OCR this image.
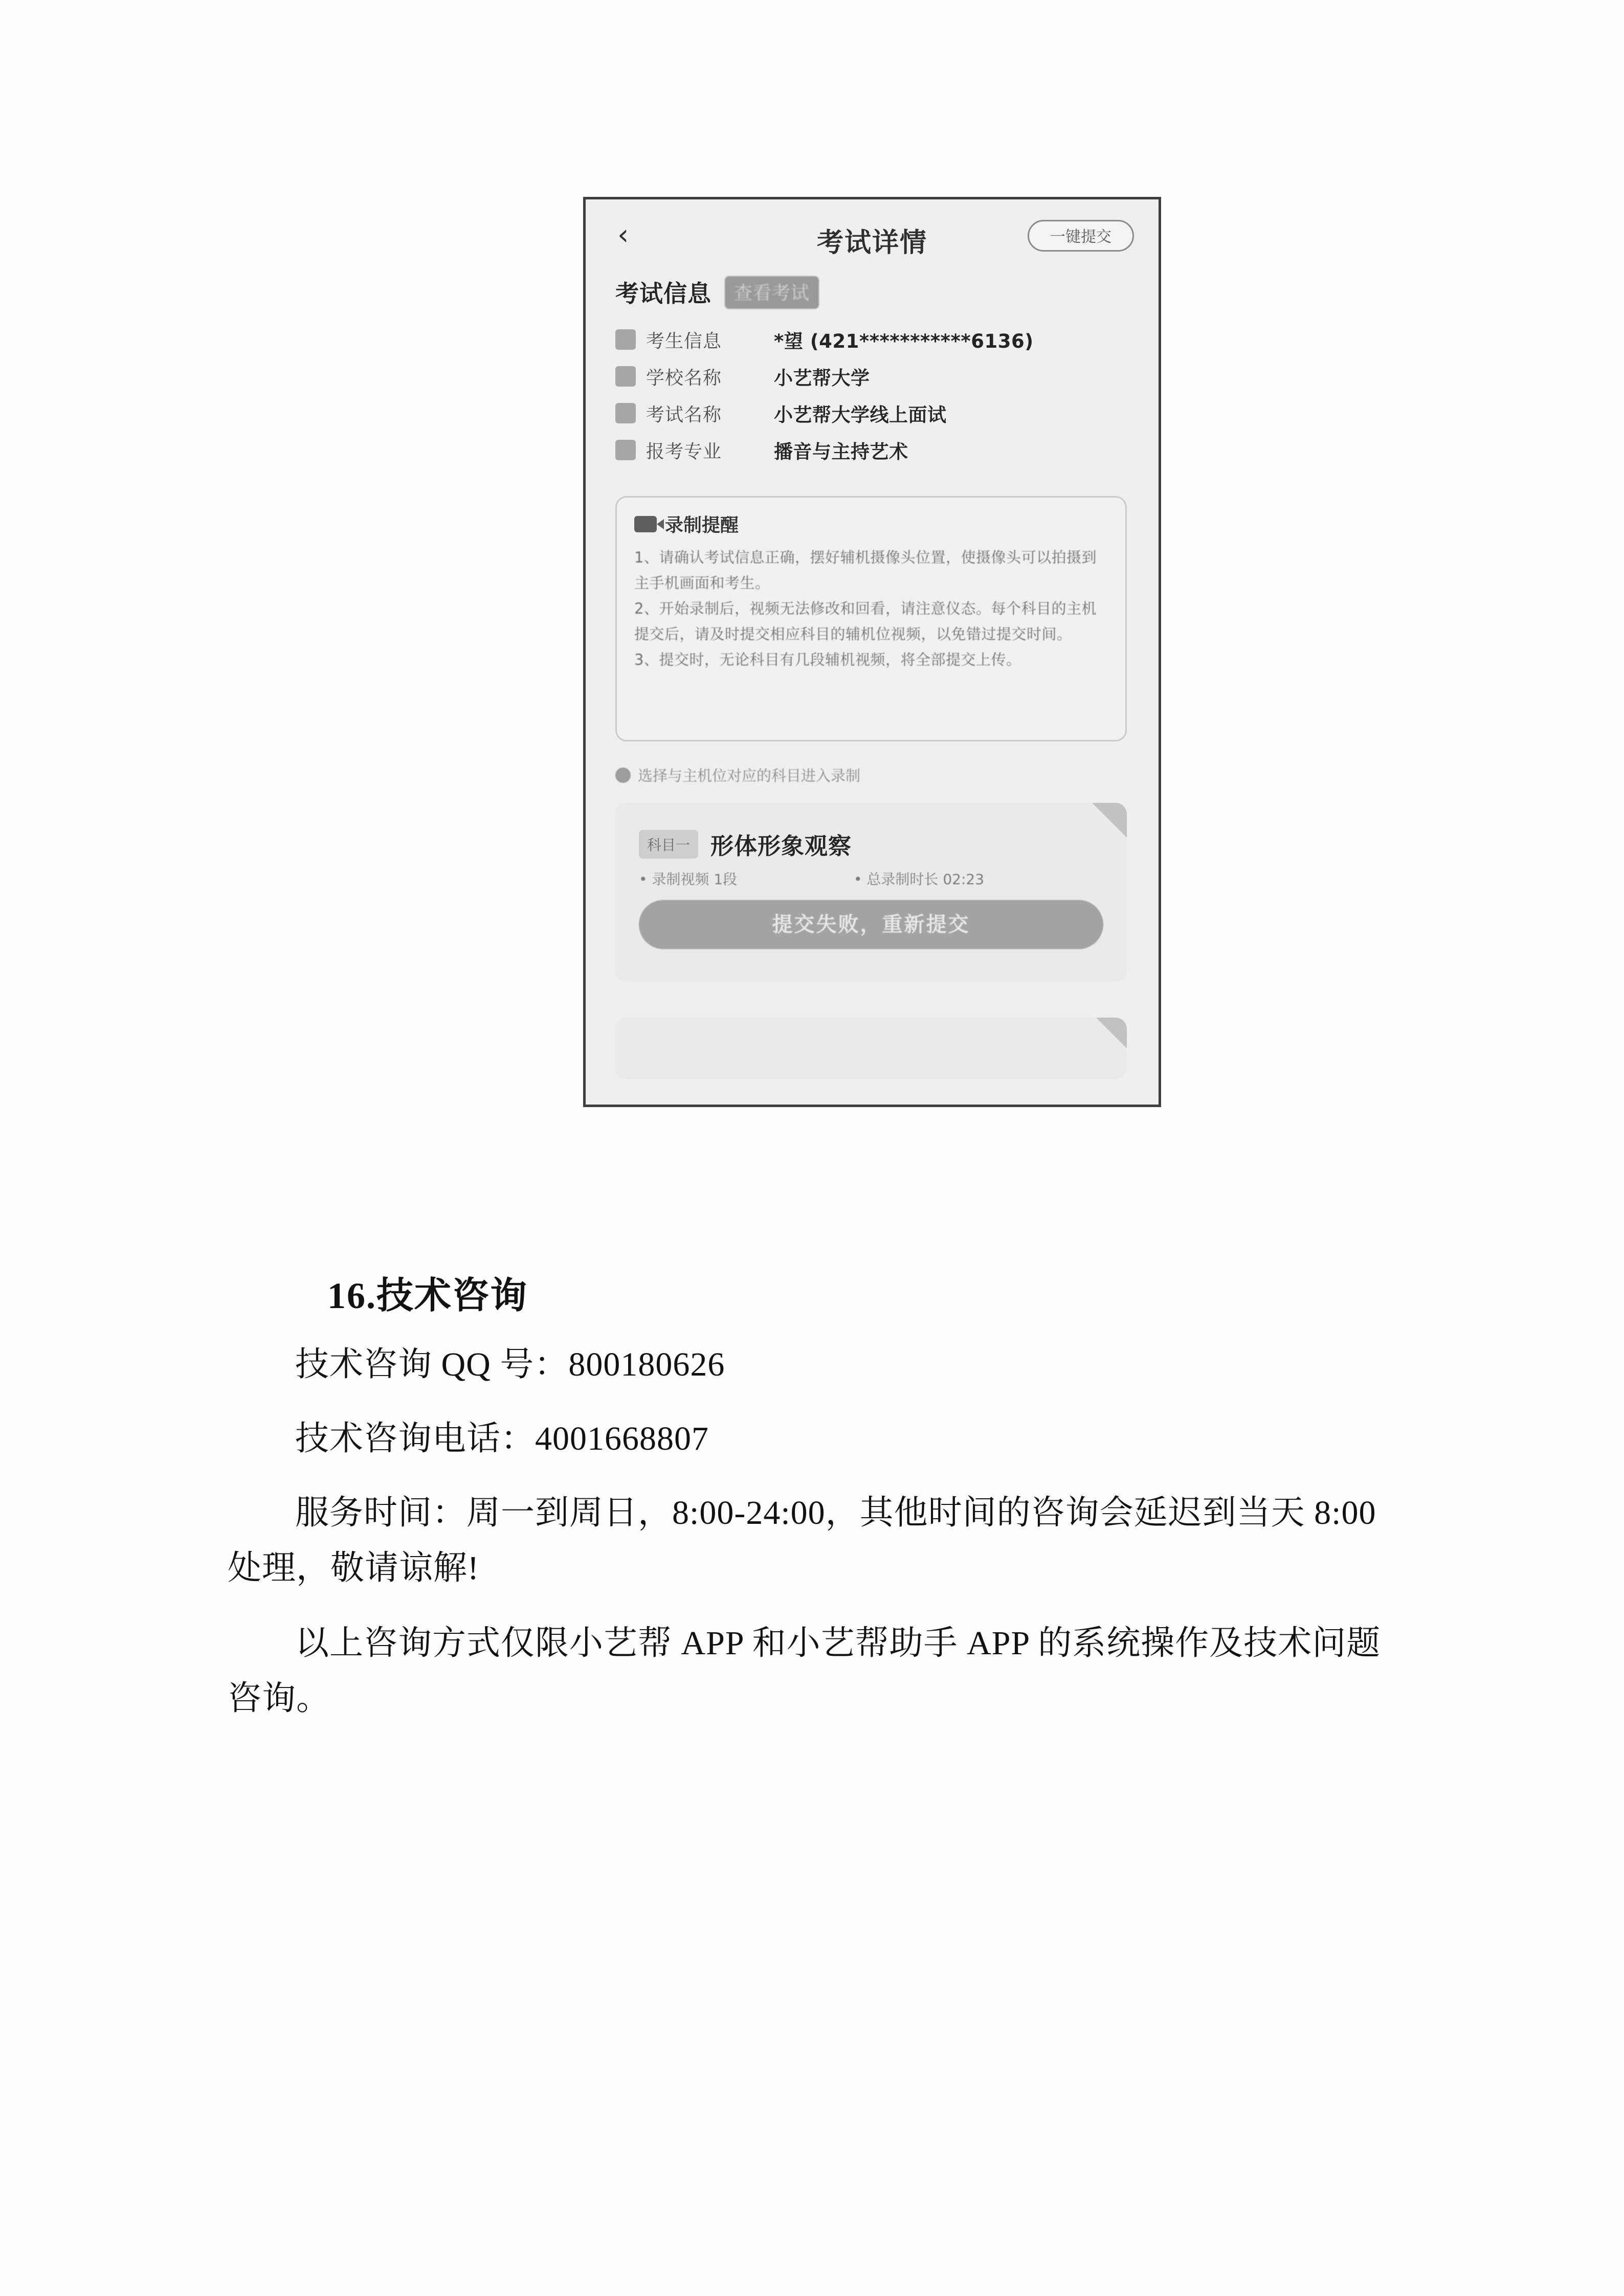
‹	考试详情	一键提交
考试信息	查看考试
考生信息	*望 (421***********6136)
学校名称	小艺帮大学
考试名称	小艺帮大学线上面试
报考专业	播音与主持艺术
录制提醒
1、请确认考试信息正确，摆好辅机摄像头位置，使摄像头可以拍摄到主手机画面和考生。
2、开始录制后，视频无法修改和回看，请注意仪态。每个科目的主机提交后，请及时提交相应科目的辅机位视频，以免错过提交时间。
3、提交时，无论科目有几段辅机视频，将全部提交上传。
选择与主机位对应的科目进入录制
科目一 形体形象观察
• 录制视频 1段	• 总录制时长 02:23
提交失败，重新提交
16.技术咨询
技术咨询 QQ 号：800180626
技术咨询电话：4001668807
服务时间：周一到周日，8:00-24:00，其他时间的咨询会延迟到当天 8:00 处理，敬请谅解!
以上咨询方式仅限小艺帮 APP 和小艺帮助手 APP 的系统操作及技术问题咨询。
